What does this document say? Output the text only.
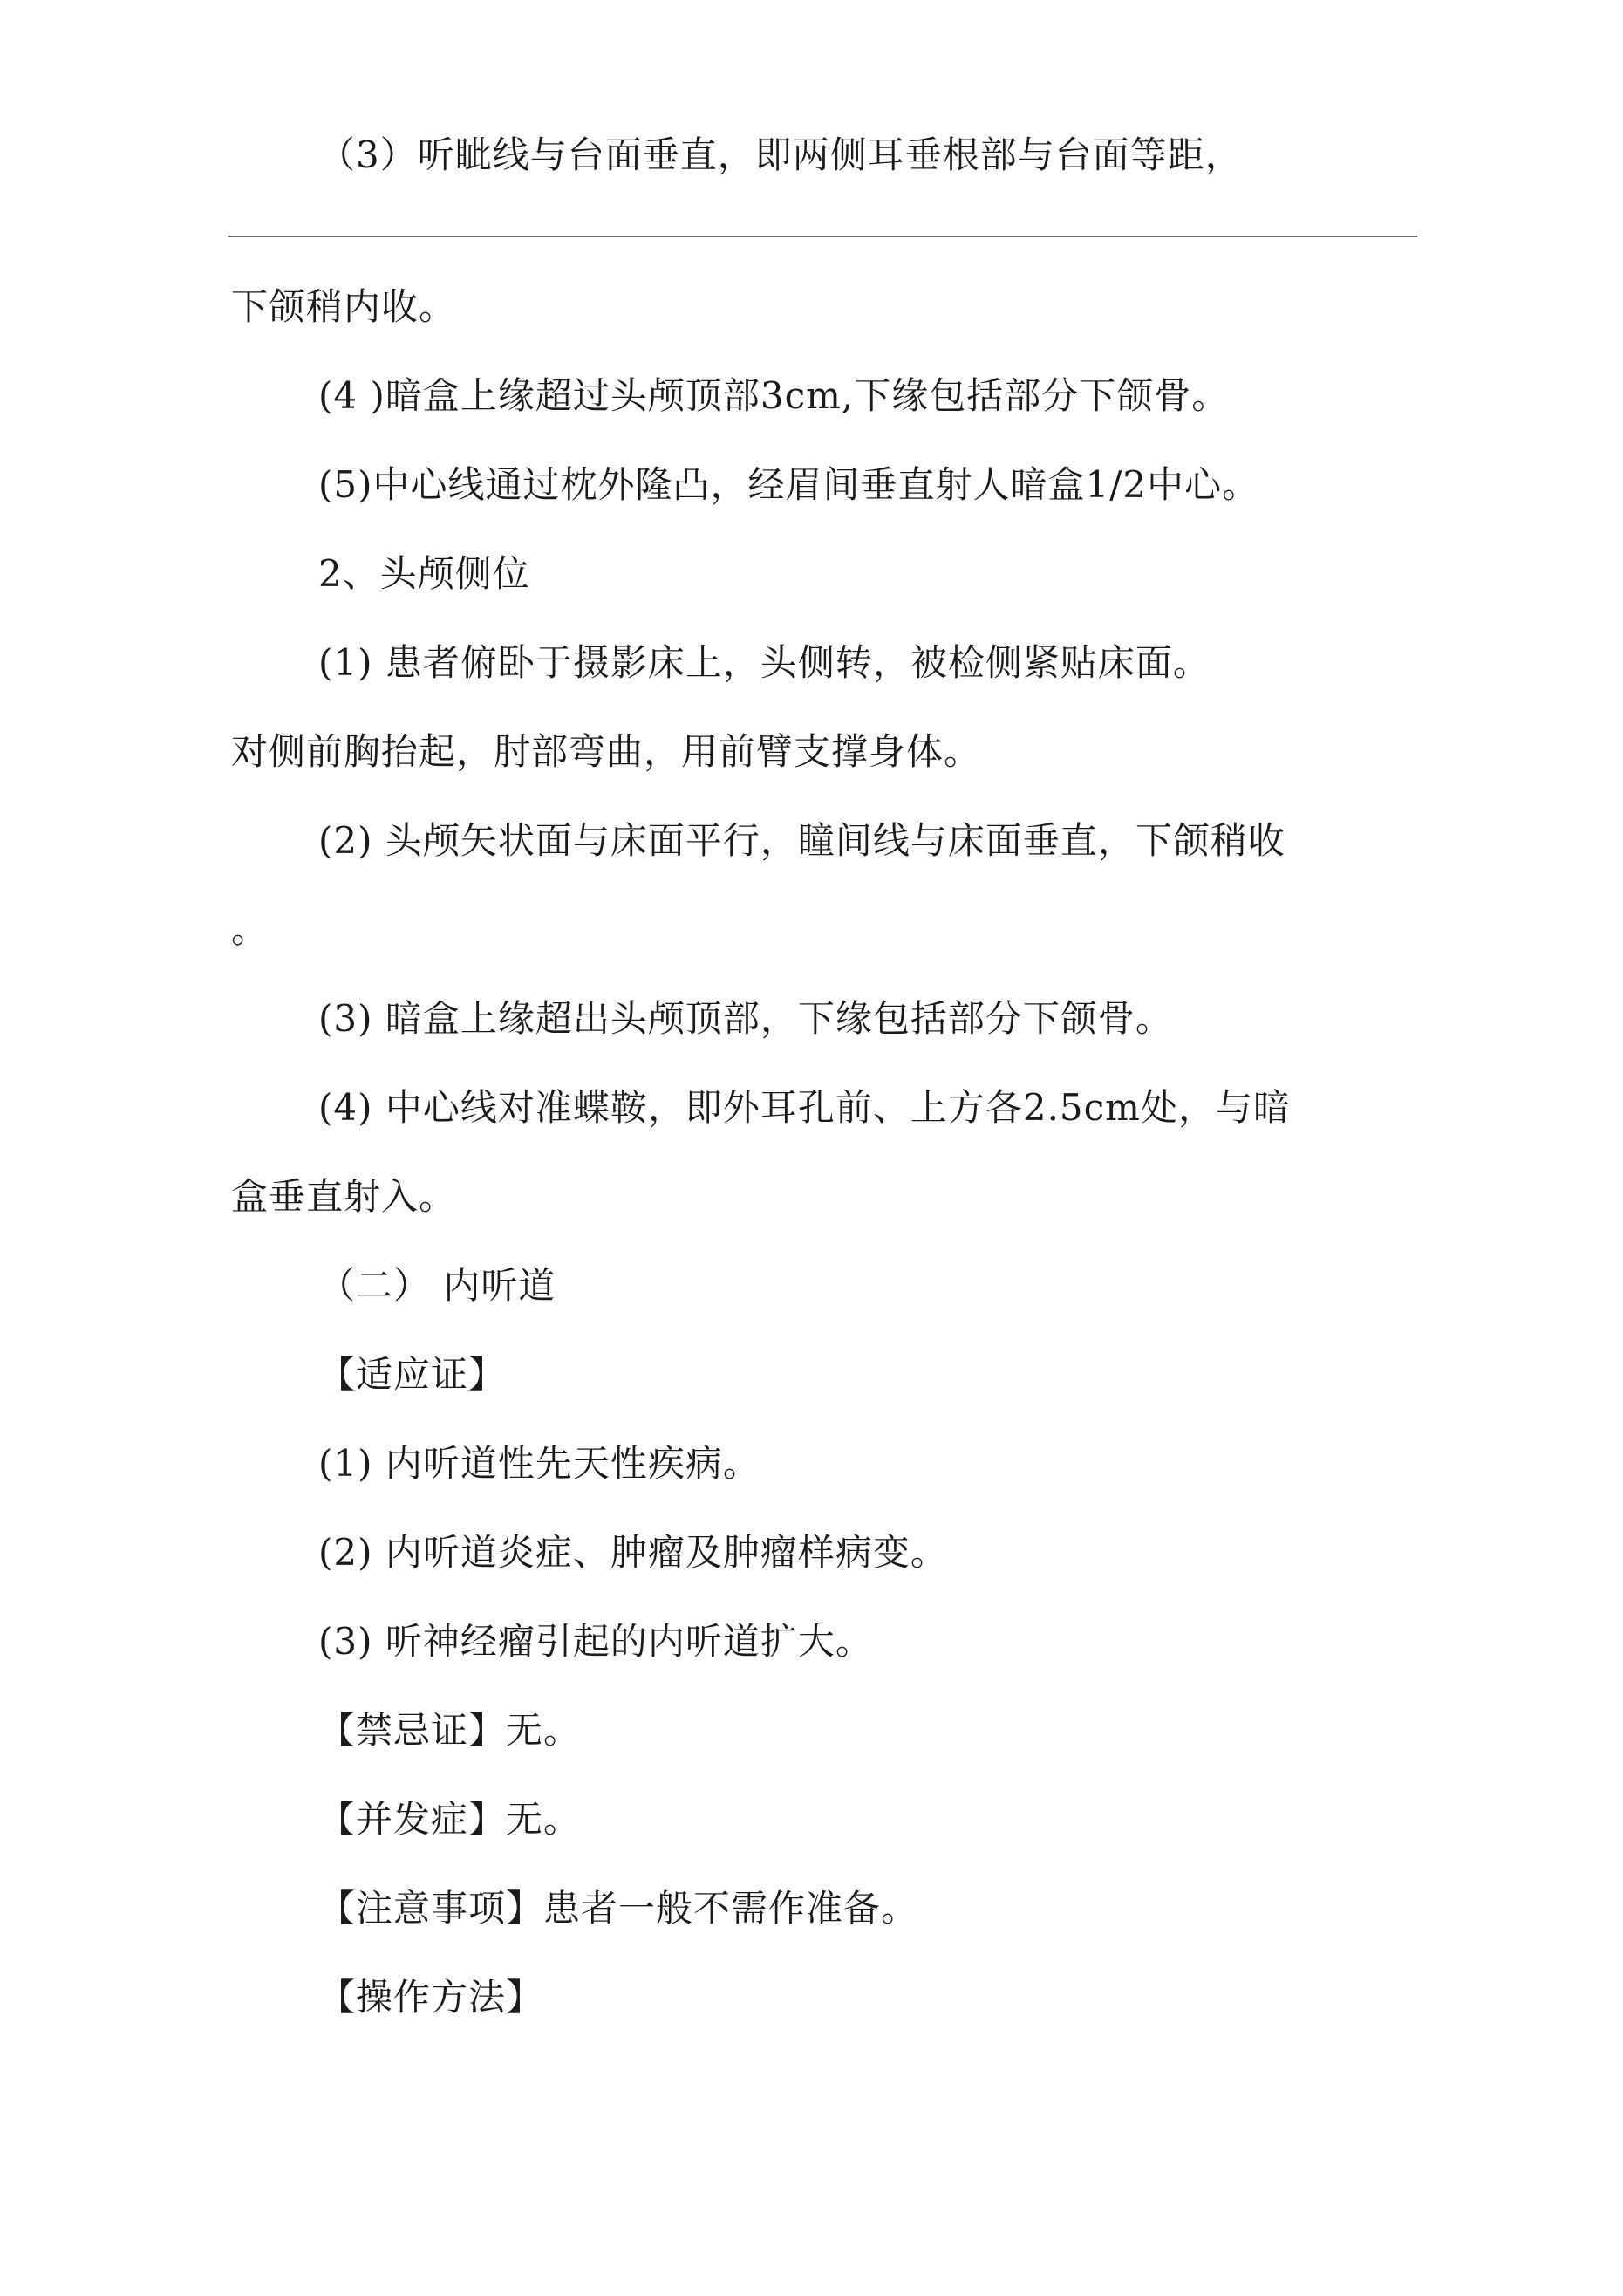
（3）听眦线与台面垂直，即两侧耳垂根部与台面等距，
下颌稍内收。
(4 )暗盒上缘超过头颅顶部3cm,下缘包括部分下颌骨。
(5)中心线通过枕外隆凸，经眉间垂直射人暗盒1/2中心。
2、头颅侧位
(1) 患者俯卧于摄影床上，头侧转，被检侧紧贴床面。
对侧前胸抬起，肘部弯曲，用前臂支撑身体。
(2) 头颅矢状面与床面平行，瞳间线与床面垂直，下颌稍收
。
(3) 暗盒上缘超出头颅顶部，下缘包括部分下颌骨。
(4) 中心线对准蝶鞍，即外耳孔前、上方各2.5cm处，与暗
盒垂直射入。
（二） 内听道
【适应证】
(1) 内听道性先天性疾病。
(2) 内听道炎症、肿瘤及肿瘤样病变。
(3) 听神经瘤引起的内听道扩大。
【禁忌证】无。
【并发症】无。
【注意事项】患者一般不需作准备。
【操作方法】
